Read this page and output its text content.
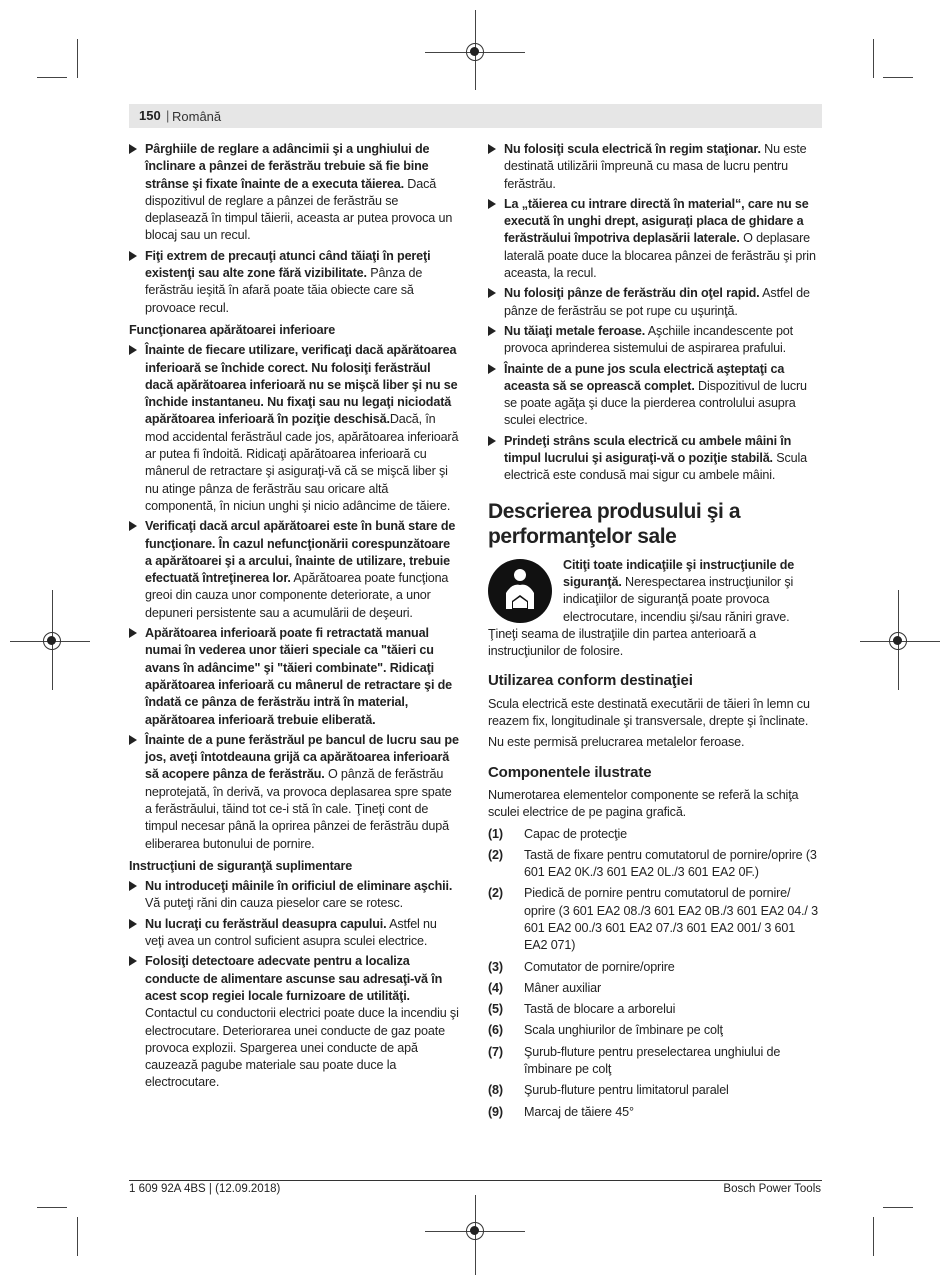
150 | Română
Pârghiile de reglare a adâncimii şi a unghiului de înclinare a pânzei de ferăstrău trebuie să fie bine strânse şi fixate înainte de a executa tăierea. Dacă dispozitivul de reglare a pânzei de ferăstrău se deplasează în timpul tăierii, aceasta ar putea provoca un blocaj sau un recul.
Fiţi extrem de precauţi atunci când tăiaţi în pereţi existenţi sau alte zone fără vizibilitate. Pânza de ferăstrău ieşită în afară poate tăia obiecte care să provoace recul.
Funcţionarea apărătoarei inferioare
Înainte de fiecare utilizare, verificaţi dacă apărătoarea inferioară se închide corect. Nu folosiţi ferăstrăul dacă apărătoarea inferioară nu se mişcă liber şi nu se închide instantaneu. Nu fixaţi sau nu legaţi niciodată apărătoarea inferioară în poziţie deschisă.Dacă, în mod accidental ferăstrăul cade jos, apărătoarea inferioară ar putea fi îndoită. Ridicaţi apărătoarea inferioară cu mânerul de retractare şi asiguraţi-vă că se mişcă liber şi nu atinge pânza de ferăstrău sau oricare altă componentă, în niciun unghi şi nicio adâncime de tăiere.
Verificaţi dacă arcul apărătoarei este în bună stare de funcţionare. În cazul nefuncţionării corespunzătoare a apărătoarei şi a arcului, înainte de utilizare, trebuie efectuată întreţinerea lor. Apărătoarea poate funcţiona greoi din cauza unor componente deteriorate, a unor depuneri persistente sau a acumulării de deşeuri.
Apărătoarea inferioară poate fi retractată manual numai în vederea unor tăieri speciale ca "tăieri cu avans în adâncime" şi "tăieri combinate". Ridicaţi apărătoarea inferioară cu mânerul de retractare şi de îndată ce pânza de ferăstrău intră în material, apărătoarea inferioară trebuie eliberată.
Înainte de a pune ferăstrăul pe bancul de lucru sau pe jos, aveţi întotdeauna grijă ca apărătoarea inferioară să acopere pânza de ferăstrău. O pânză de ferăstrău neprotejată, în derivă, va provoca deplasarea spre spate a ferăstrăului, tăind tot ce-i stă în cale. Ţineţi cont de timpul necesar până la oprirea pânzei de ferăstrău după eliberarea butonului de pornire.
Instrucţiuni de siguranţă suplimentare
Nu introduceţi mâinile în orificiul de eliminare aşchii. Vă puteţi răni din cauza pieselor care se rotesc.
Nu lucraţi cu ferăstrăul deasupra capului. Astfel nu veţi avea un control suficient asupra sculei electrice.
Folosiţi detectoare adecvate pentru a localiza conducte de alimentare ascunse sau adresaţi-vă în acest scop regiei locale furnizoare de utilităţi. Contactul cu conductorii electrici poate duce la incendiu şi electrocutare. Deteriorarea unei conducte de gaz poate provoca explozii. Spargerea unei conducte de apă cauzează pagube materiale sau poate duce la electrocutare.
Nu folosiţi scula electrică în regim staţionar. Nu este destinată utilizării împreună cu masa de lucru pentru ferăstrău.
La „tăierea cu intrare directă în material“, care nu se execută în unghi drept, asiguraţi placa de ghidare a ferăstrăului împotriva deplasării laterale. O deplasare laterală poate duce la blocarea pânzei de ferăstrău şi prin aceasta, la recul.
Nu folosiţi pânze de ferăstrău din oţel rapid. Astfel de pânze de ferăstrău se pot rupe cu uşurinţă.
Nu tăiaţi metale feroase. Aşchiile incandescente pot provoca aprinderea sistemului de aspirarea prafului.
Înainte de a pune jos scula electrică aşteptaţi ca aceasta să se oprească complet. Dispozitivul de lucru se poate agăţa şi duce la pierderea controlului asupra sculei electrice.
Prindeţi strâns scula electrică cu ambele mâini în timpul lucrului şi asiguraţi-vă o poziţie stabilă. Scula electrică este condusă mai sigur cu ambele mâini.
Descrierea produsului şi a performanţelor sale
Citiţi toate indicaţiile şi instrucţiunile de siguranţă. Nerespectarea instrucţiunilor şi indicaţiilor de siguranţă poate provoca electrocutare, incendiu şi/sau răniri grave.
Ţineţi seama de ilustraţiile din partea anterioară a instrucţiunilor de folosire.
Utilizarea conform destinaţiei
Scula electrică este destinată executării de tăieri în lemn cu reazem fix, longitudinale şi transversale, drepte şi înclinate.
Nu este permisă prelucrarea metalelor feroase.
Componentele ilustrate
Numerotarea elementelor componente se referă la schiţa sculei electrice de pe pagina grafică.
(1) Capac de protecţie
(2) Tastă de fixare pentru comutatorul de pornire/oprire (3 601 EA2 0K./3 601 EA2 0L./3 601 EA2 0F.)
(2) Piedică de pornire pentru comutatorul de pornire/ oprire (3 601 EA2 08./3 601 EA2 0B./3 601 EA2 04./ 3 601 EA2 00./3 601 EA2 07./3 601 EA2 001/ 3 601 EA2 071)
(3) Comutator de pornire/oprire
(4) Mâner auxiliar
(5) Tastă de blocare a arborelui
(6) Scala unghiurilor de îmbinare pe colţ
(7) Şurub-fluture pentru preselectarea unghiului de îmbinare pe colţ
(8) Şurub-fluture pentru limitatorul paralel
(9) Marcaj de tăiere 45°
1 609 92A 4BS | (12.09.2018)	Bosch Power Tools
